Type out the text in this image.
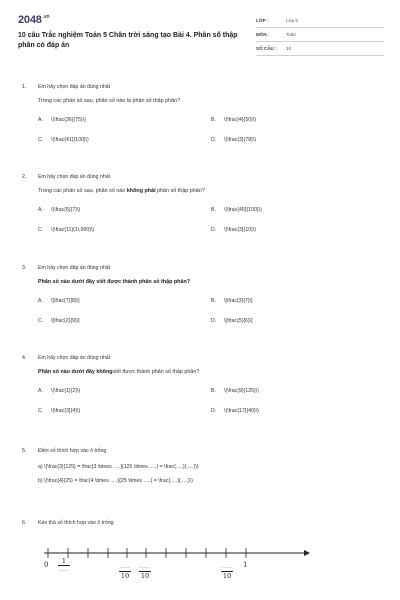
$2048^{.vn}$
10 câu Trắc nghiệm Toán 5 Chân trời sáng tạo Bài 4. Phân số thập phân có đáp án
LỚP :	Lớp 5
MÔN :	Toán
SỐ CÂU :	10
1.	Em hãy chọn đáp án đúng nhất
Trong các phân số sau, phân số nào là phân số thập phân?
A.	\(\frac{36}{75}\)	B.	\(\frac{4}{50}\)
C.	\(\frac{41}{100}\)	D.	\(\frac{3}{78}\)
2.	Em hãy chọn đáp án đúng nhất
Trong các phân số sau, phân số nào
không phải
phân số thập phân?
A.	\(\frac{5}{7}\)	B.	\(\frac{45}{100}\)
C.	\(\frac{11}{1\,000}\)	D.	\(\frac{3}{10}\)
3.	Em hãy chọn đáp án đúng nhất
Phân số nào dưới đây viết được thành phân số thập phân?
A.	\[\frac{7}{8}\]	B.	\[\frac{3}{7}\]
C.	\[\frac{2}{9}\]	D.	\[\frac{5}{6}\]
4.	Em hãy chọn đáp án đúng nhất
Phân số nào dưới đây không viết được thành phân số thập phân?
A.	\(\frac{1}{2}\)	B.	\(\frac{9}{125}\)
C.	\(\frac{3}{4}\)	D.	\(\frac{17}{40}\)
5.	Điền số thích hợp vào ô trống
a) \(\frac{3}{125} = \frac{3 \times .....}{125 \times .....} = \frac{.....}{.....}\)
b) \(\frac{4}{25} = \frac{4 \times .....}{25 \times .....} = \frac{.....}{.....}\)
6.	Kéo thả số thích hợp vào ô trống
0	1
1
.....	.....
10
.....
10
.....
10
